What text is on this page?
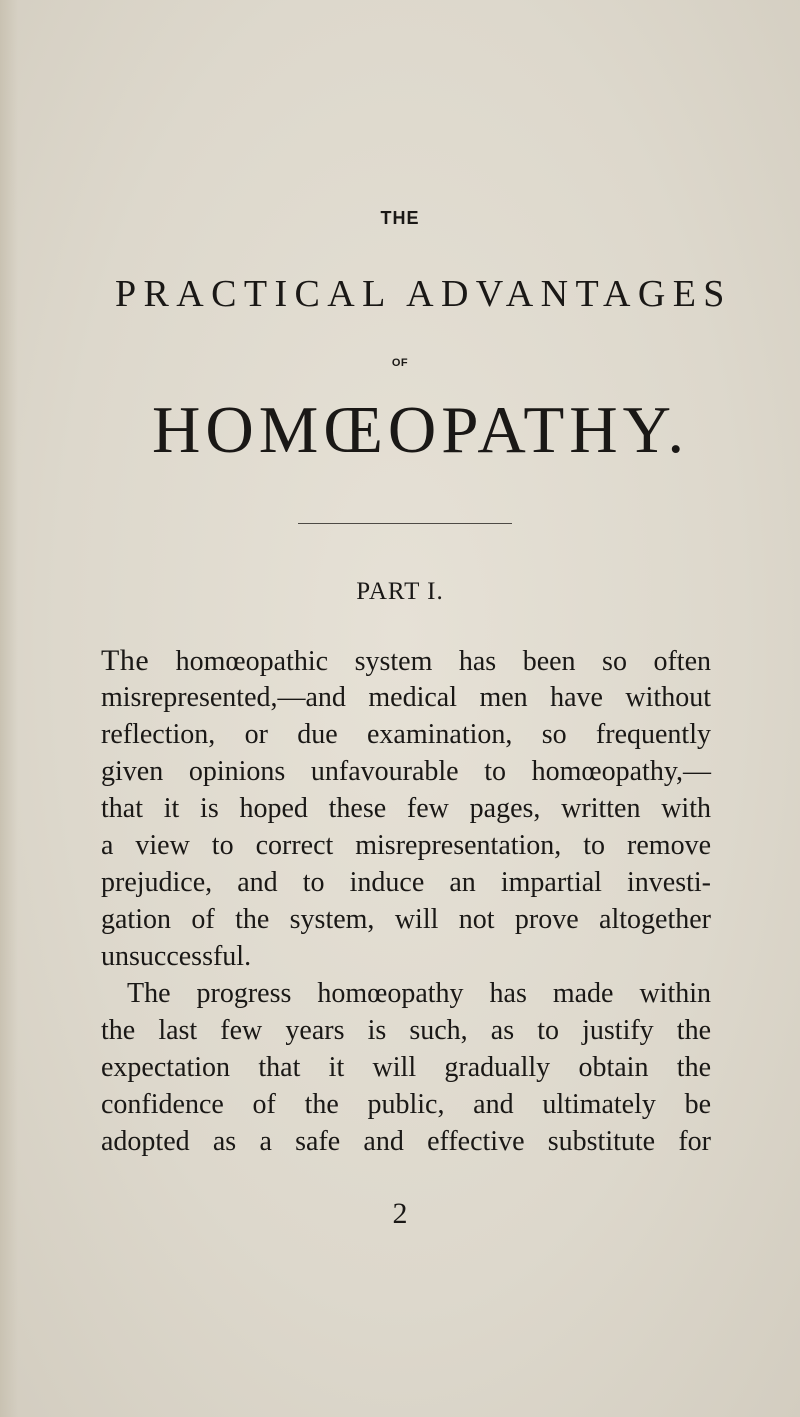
THE
PRACTICAL ADVANTAGES
OF
HOMŒOPATHY.
PART I.
The homœopathic system has been so often
misrepresented,—and medical men have without
reflection, or due examination, so frequently
given opinions unfavourable to homœopathy,—
that it is hoped these few pages, written with
a view to correct misrepresentation, to remove
prejudice, and to induce an impartial investi-
gation of the system, will not prove altogether
unsuccessful.
The progress homœopathy has made within
the last few years is such, as to justify the
expectation that it will gradually obtain the
confidence of the public, and ultimately be
adopted as a safe and effective substitute for
2
